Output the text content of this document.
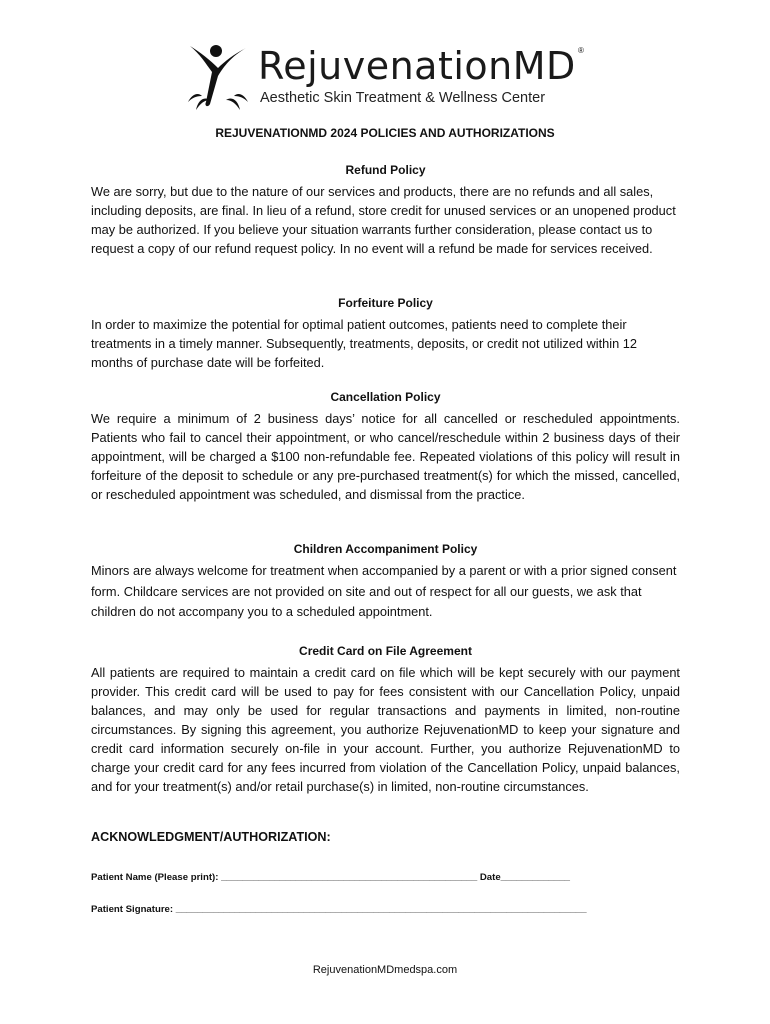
RejuvenationMD ®
Aesthetic Skin Treatment & Wellness Center
REJUVENATIONMD 2024 POLICIES AND AUTHORIZATIONS

Refund Policy

We are sorry, but due to the nature of our services and products, there are no refunds and all sales, including deposits, are final. In lieu of a refund, store credit for unused services or an unopened product may be authorized. If you believe your situation warrants further consideration, please contact us to request a copy of our refund request policy. In no event will a refund be made for services received.

Forfeiture Policy

In order to maximize the potential for optimal patient outcomes, patients need to complete their treatments in a timely manner. Subsequently, treatments, deposits, or credit not utilized within 12 months of purchase date will be forfeited.

Cancellation Policy

We require a minimum of 2 business days’ notice for all cancelled or rescheduled appointments. Patients who fail to cancel their appointment, or who cancel/reschedule within 2 business days of their appointment, will be charged a $100 non-refundable fee. Repeated violations of this policy will result in forfeiture of the deposit to schedule or any pre-purchased treatment(s) for which the missed, cancelled, or rescheduled appointment was scheduled, and dismissal from the practice.

Children Accompaniment Policy

Minors are always welcome for treatment when accompanied by a parent or with a prior signed consent form. Childcare services are not provided on site and out of respect for all our guests, we ask that children do not accompany you to a scheduled appointment.

Credit Card on File Agreement

All patients are required to maintain a credit card on file which will be kept securely with our payment provider. This credit card will be used to pay for fees consistent with our Cancellation Policy, unpaid balances, and may only be used for regular transactions and payments in limited, non-routine circumstances. By signing this agreement, you authorize RejuvenationMD to keep your signature and credit card information securely on-file in your account. Further, you authorize RejuvenationMD to charge your credit card for any fees incurred from violation of the Cancellation Policy, unpaid balances, and for your treatment(s) and/or retail purchase(s) in limited, non-routine circumstances.

ACKNOWLEDGMENT/AUTHORIZATION:
Patient Name (Please print): ________________________________________________ Date_____________
Patient Signature: _____________________________________________________________________________
RejuvenationMDmedspa.com
